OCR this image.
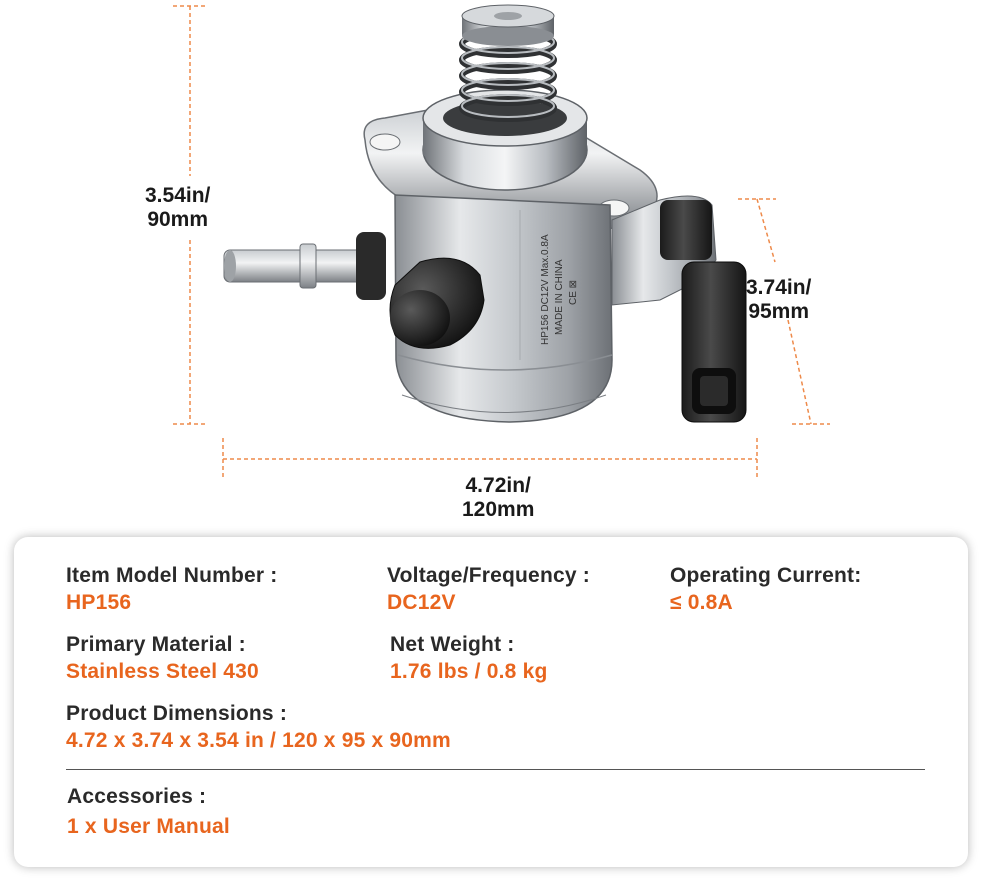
HP156 DC12V Max.0.8A MADE IN CHINA CE ⊠
3.54in/
90mm
3.74in/
95mm
4.72in/
120mm
Item Model Number :
HP156
Voltage/Frequency :
DC12V
Operating Current:
≤ 0.8A
Primary Material :
Stainless Steel 430
Net Weight :
1.76 lbs / 0.8 kg
Product Dimensions :
4.72 x 3.74 x 3.54 in / 120 x 95 x 90mm
Accessories :
1 x User Manual
